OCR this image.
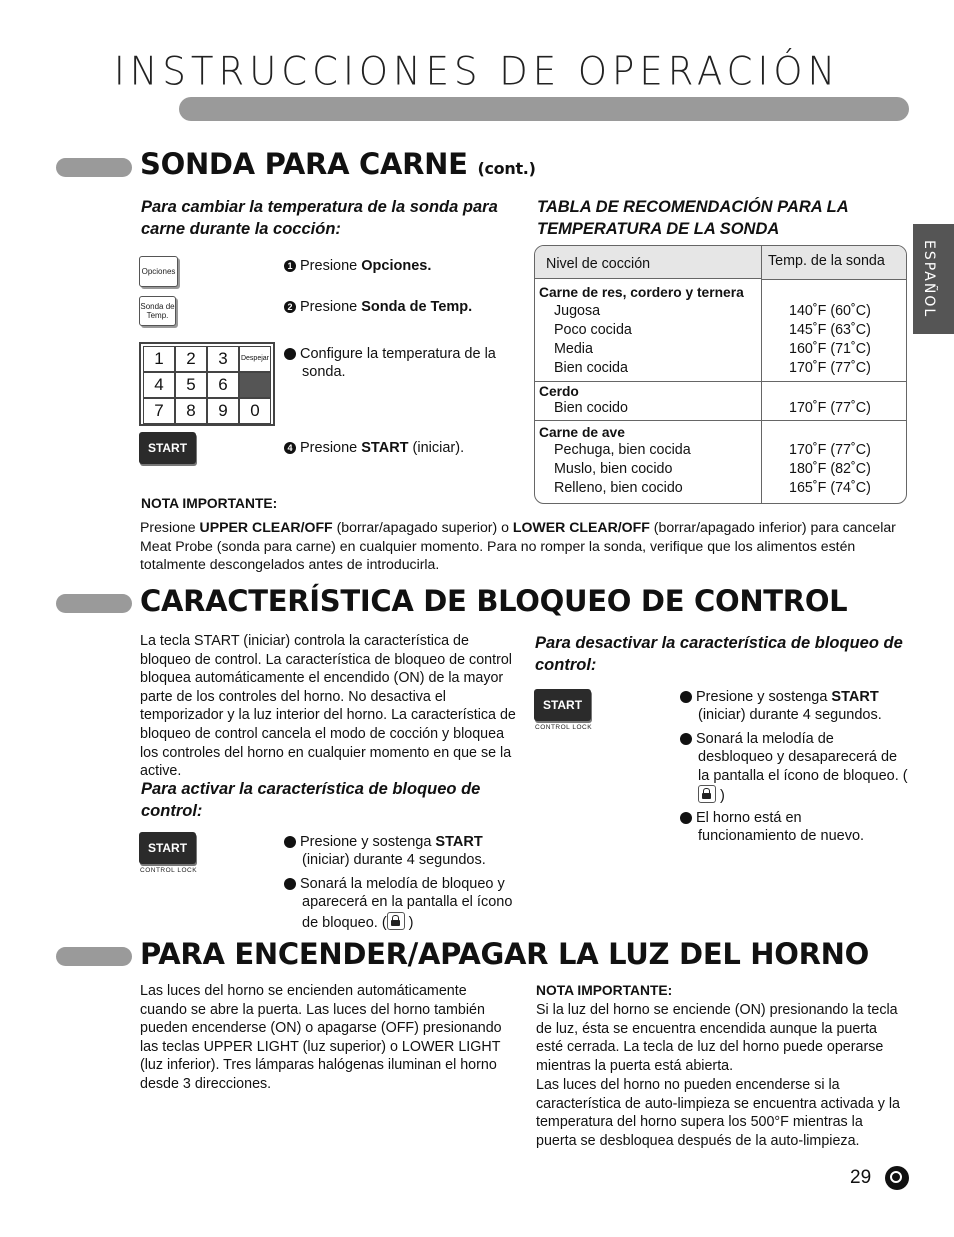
INSTRUCCIONES DE OPERACIÓN
ESPAÑOL
SONDA PARA CARNE (cont.)
Para cambiar la temperatura de la sonda para carne durante la cocción:
Opciones
Sonda de
Temp.
1	2	3	Despejar
4	5	6
7	8	9	0
START
1 Presione Opciones.
2 Presione Sonda de Temp.
3 Configure la temperatura de la sonda.
4 Presione START (iniciar).
TABLA DE RECOMENDACIÓN PARA LA TEMPERATURA DE LA SONDA
Nivel de cocción	Temp. de la sonda
Carne de res, cordero y ternera
Jugosa	140˚F (60˚C)
Poco cocida	145˚F (63˚C)
Media	160˚F (71˚C)
Bien cocida	170˚F (77˚C)
Cerdo
Bien cocido	170˚F (77˚C)
Carne de ave
Pechuga, bien cocida	170˚F (77˚C)
Muslo, bien cocido	180˚F (82˚C)
Relleno, bien cocido	165˚F (74˚C)
NOTA IMPORTANTE:
Presione UPPER CLEAR/OFF (borrar/apagado superior) o LOWER CLEAR/OFF (borrar/apagado inferior) para cancelar Meat Probe (sonda para carne) en cualquier momento. Para no romper la sonda, verifique que los alimentos estén totalmente descongelados antes de introducirla.
CARACTERÍSTICA DE BLOQUEO DE CONTROL
La tecla START (iniciar) controla la característica de bloqueo de control. La característica de bloqueo de control bloquea automáticamente el encendido (ON) de la mayor parte de los controles del horno. No desactiva el temporizador y la luz interior del horno. La característica de bloqueo de control cancela el modo de cocción y bloquea los controles del horno en cualquier momento en que se la active.
Para activar la característica de bloqueo de control:
START
CONTROL LOCK
1 Presione y sostenga START (iniciar) durante 4 segundos.
2 Sonará la melodía de bloqueo y aparecerá en la pantalla el ícono de bloqueo. ( )
Para desactivar la característica de bloqueo de control:
START
CONTROL LOCK
1 Presione y sostenga START (iniciar) durante 4 segundos.
2 Sonará la melodía de desbloqueo y desaparecerá de la pantalla el ícono de bloqueo. ( )
3 El horno está en funcionamiento de nuevo.
PARA ENCENDER/APAGAR LA LUZ DEL HORNO
Las luces del horno se encienden automáticamente cuando se abre la puerta. Las luces del horno también pueden encenderse (ON) o apagarse (OFF) presionando las teclas UPPER LIGHT (luz superior) o LOWER LIGHT (luz inferior). Tres lámparas halógenas iluminan el horno desde 3 direcciones.
NOTA IMPORTANTE:
Si la luz del horno se enciende (ON) presionando la tecla de luz, ésta se encuentra encendida aunque la puerta esté cerrada. La tecla de luz del horno puede operarse mientras la puerta está abierta.
Las luces del horno no pueden encenderse si la característica de auto-limpieza se encuentra activada y la temperatura del horno supera los 500°F mientras la puerta se desbloquea después de la auto-limpieza.
29
